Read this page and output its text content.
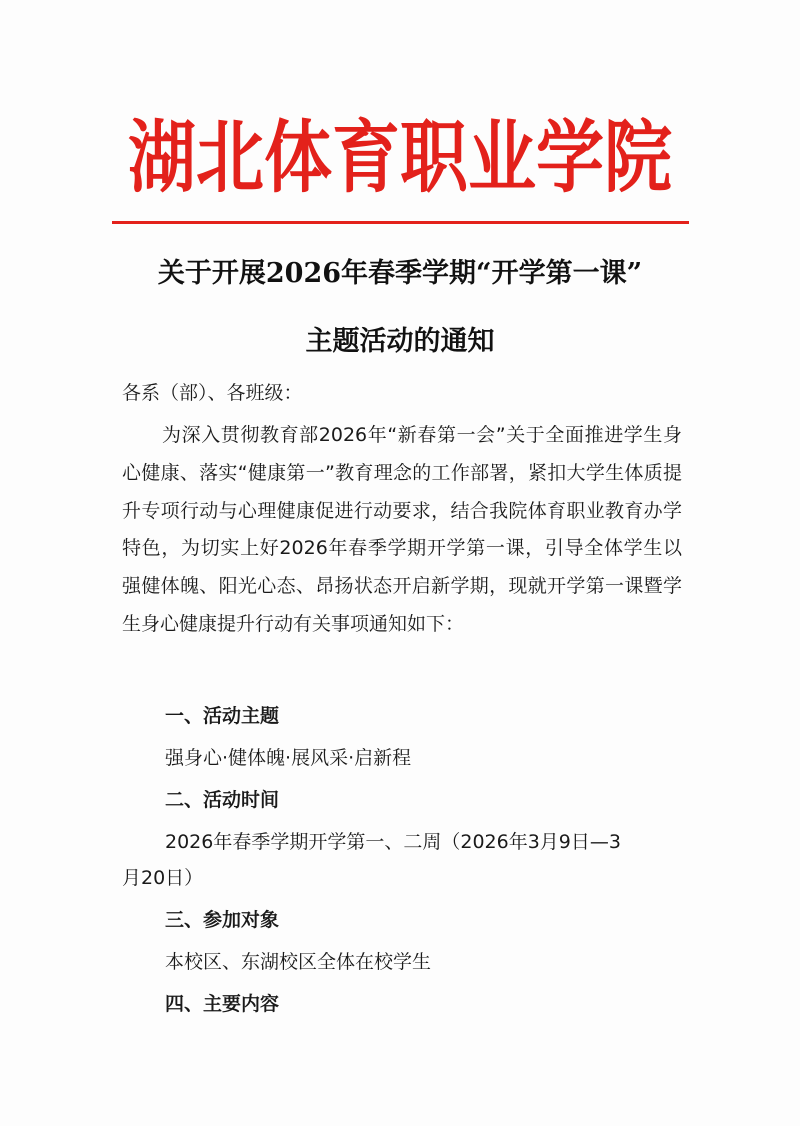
湖北体育职业学院
关于开展2026年春季学期“开学第一课”
主题活动的通知
各系（部）、各班级：
为深入贯彻教育部2026年“新春第一会”关于全面推进学生身心健康、落实“健康第一”教育理念的工作部署，紧扣大学生体质提升专项行动与心理健康促进行动要求，结合我院体育职业教育办学特色，为切实上好2026年春季学期开学第一课，引导全体学生以强健体魄、阳光心态、昂扬状态开启新学期，现就开学第一课暨学生身心健康提升行动有关事项通知如下：
一、活动主题
强身心·健体魄·展风采·启新程
二、活动时间
2026年春季学期开学第一、二周（2026年3月9日—3
月20日）
三、参加对象
本校区、东湖校区全体在校学生
四、主要内容
